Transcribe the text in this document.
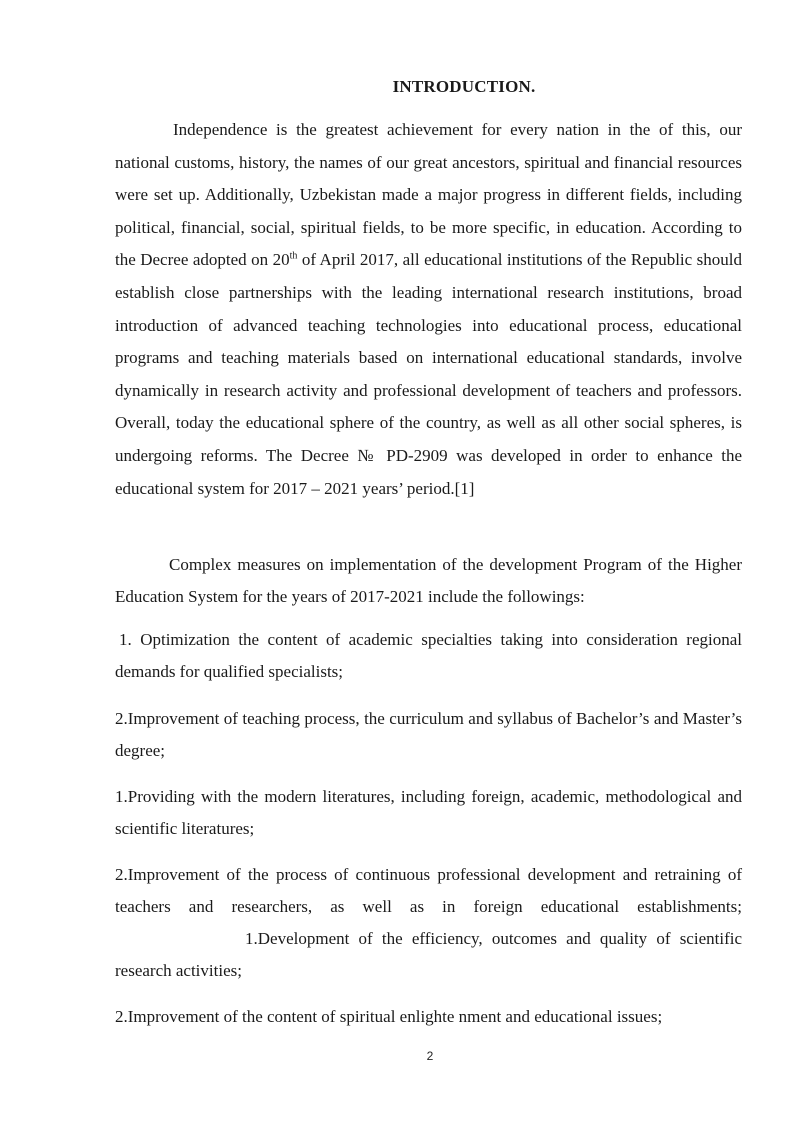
INTRODUCTION.
Independence is the greatest achievement for every nation in the of this, our national customs, history, the names of our great ancestors, spiritual and financial resources were set up. Additionally, Uzbekistan made a major progress in different fields, including political, financial, social, spiritual fields, to be more specific, in education. According to the Decree adopted on 20th of April 2017, all educational institutions of the Republic should establish close partnerships with the leading international research institutions, broad introduction of advanced teaching technologies into educational process, educational programs and teaching materials based on international educational standards, involve dynamically in research activity and professional development of teachers and professors. Overall, today the educational sphere of the country, as well as all other social spheres, is undergoing reforms. The Decree № PD-2909 was developed in order to enhance the educational system for 2017 – 2021 years’ period.[1]
Complex measures on implementation of the development Program of the Higher Education System for the years of 2017-2021 include the followings:
1. Optimization the content of academic specialties taking into consideration regional demands for qualified specialists;
2.Improvement of teaching process, the curriculum and syllabus of Bachelor’s and Master’s degree;
1.Providing with the modern literatures, including foreign, academic, methodological and scientific literatures;
2.Improvement of the process of continuous professional development and retraining of teachers and researchers, as well as in foreign educational establishments;1.Development of the efficiency, outcomes and quality of scientific research activities;
2.Improvement of the content of spiritual enlighte nment and educational issues;
2
